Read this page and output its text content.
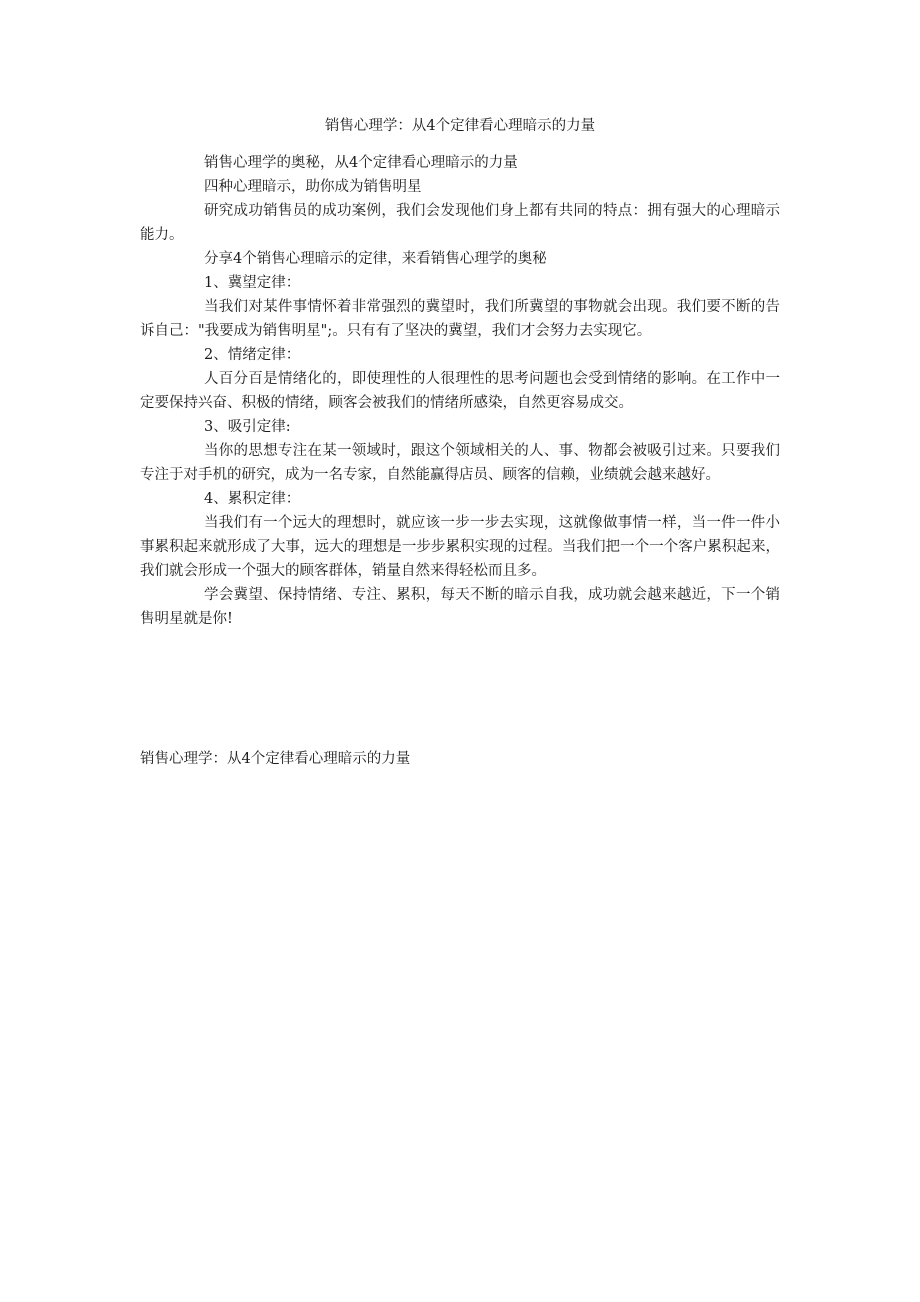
销售心理学：从4个定律看心理暗示的力量

销售心理学的奥秘，从4个定律看心理暗示的力量

四种心理暗示，助你成为销售明星

研究成功销售员的成功案例，我们会发现他们身上都有共同的特点：拥有强大的心理暗示能力。

分享4个销售心理暗示的定律，来看销售心理学的奥秘

1、冀望定律：

当我们对某件事情怀着非常强烈的冀望时，我们所冀望的事物就会出现。我们要不断的告诉自己："我要成为销售明星";。只有有了坚决的冀望，我们才会努力去实现它。

2、情绪定律：

人百分百是情绪化的，即使理性的人很理性的思考问题也会受到情绪的影响。在工作中一定要保持兴奋、积极的情绪，顾客会被我们的情绪所感染，自然更容易成交。

3、吸引定律:

当你的思想专注在某一领域时，跟这个领域相关的人、事、物都会被吸引过来。只要我们专注于对手机的研究，成为一名专家，自然能赢得店员、顾客的信赖，业绩就会越来越好。

4、累积定律：

当我们有一个远大的理想时，就应该一步一步去实现，这就像做事情一样，当一件一件小事累积起来就形成了大事，远大的理想是一步步累积实现的过程。当我们把一个一个客户累积起来，我们就会形成一个强大的顾客群体，销量自然来得轻松而且多。

学会冀望、保持情绪、专注、累积，每天不断的暗示自我，成功就会越来越近，下一个销售明星就是你!

销售心理学：从4个定律看心理暗示的力量
